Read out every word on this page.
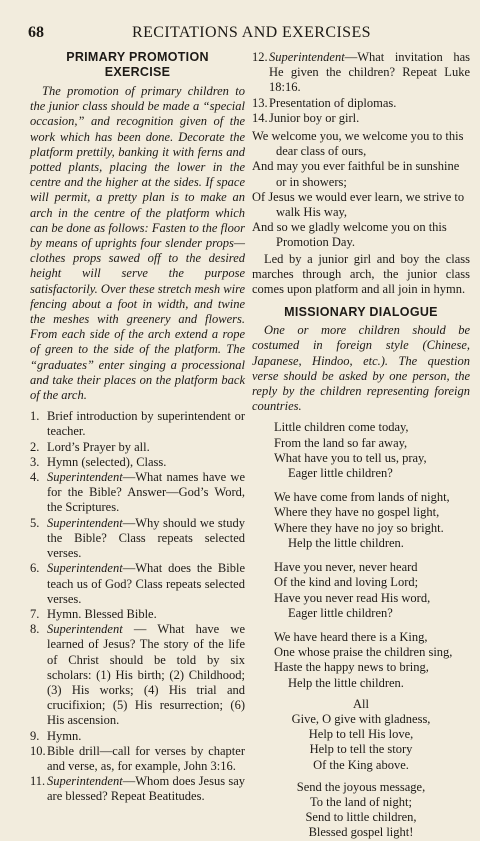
68	RECITATIONS AND EXERCISES
PRIMARY PROMOTION
EXERCISE

The promotion of primary children to the junior class should be made a “special occasion,” and recognition given of the work which has been done. Decorate the platform prettily, banking it with ferns and potted plants, placing the lower in the centre and the higher at the sides. If space will permit, a pretty plan is to make an arch in the centre of the platform which can be done as follows: Fasten to the floor by means of uprights four slender props—clothes props sawed off to the desired height will serve the purpose satisfactorily. Over these stretch mesh wire fencing about a foot in width, and twine the meshes with greenery and flowers. From each side of the arch extend a rope of green to the side of the platform. The “graduates” enter singing a processional and take their places on the platform back of the arch.

1. Brief introduction by superintendent or teacher.
2. Lord’s Prayer by all.
3. Hymn (selected), Class.
4. Superintendent—What names have we for the Bible? Answer—God’s Word, the Scriptures.
5. Superintendent—Why should we study the Bible? Class repeats selected verses.
6. Superintendent—What does the Bible teach us of God? Class repeats selected verses.
7. Hymn. Blessed Bible.
8. Superintendent — What have we learned of Jesus? The story of the life of Christ should be told by six scholars: (1) His birth; (2) Childhood; (3) His works; (4) His trial and crucifixion; (5) His resurrection; (6) His ascension.
9. Hymn.
10. Bible drill—call for verses by chapter and verse, as, for example, John 3:16.
11. Superintendent—Whom does Jesus say are blessed? Repeat Beatitudes.
12. Superintendent—What invitation has He given the children? Repeat Luke 18:16.
13. Presentation of diplomas.
14. Junior boy or girl.
We welcome you, we welcome you to this dear class of ours,
And may you ever faithful be in sunshine or in showers;
Of Jesus we would ever learn, we strive to walk His way,
And so we gladly welcome you on this Promotion Day.

Led by a junior girl and boy the class marches through arch, the junior class comes upon platform and all join in hymn.

MISSIONARY DIALOGUE

One or more children should be costumed in foreign style (Chinese, Japanese, Hindoo, etc.). The question verse should be asked by one person, the reply by the children representing foreign countries.

Little children come today,
From the land so far away,
What have you to tell us, pray,
Eager little children?
We have come from lands of night,
Where they have no gospel light,
Where they have no joy so bright.
Help the little children.
Have you never, never heard
Of the kind and loving Lord;
Have you never read His word,
Eager little children?
We have heard there is a King,
One whose praise the children sing,
Haste the happy news to bring,
Help the little children.
All
Give, O give with gladness,
Help to tell His love,
Help to tell the story
Of the King above.
Send the joyous message,
To the land of night;
Send to little children,
Blessed gospel light!
